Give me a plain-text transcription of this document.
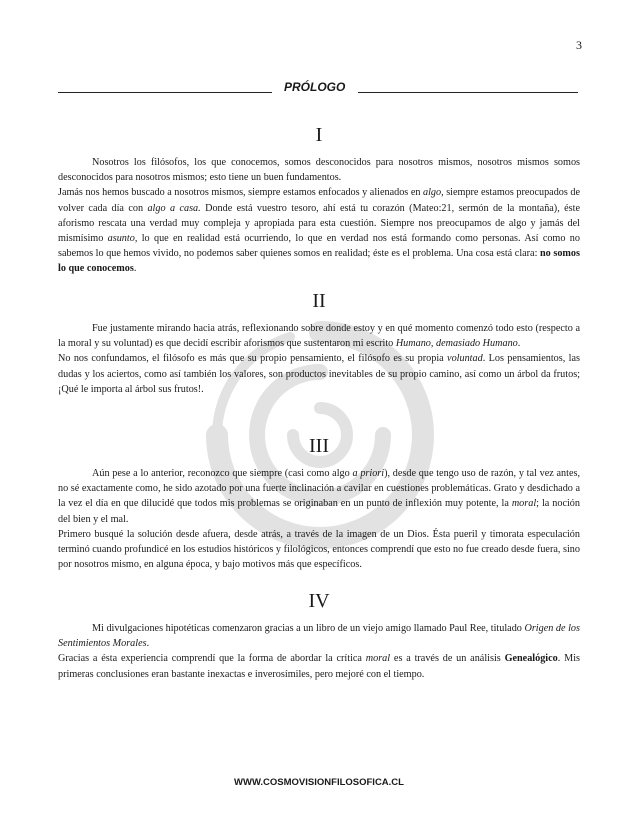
3
PRÓLOGO
I

Nosotros los filósofos, los que conocemos, somos desconocidos para nosotros mismos, nosotros mismos somos desconocidos para nosotros mismos; esto tiene un buen fundamentos.

Jamás nos hemos buscado a nosotros mismos, siempre estamos enfocados y alienados en algo, siempre estamos preocupados de volver cada día con algo a casa. Donde está vuestro tesoro, ahí está tu corazón (Mateo:21, sermón de la montaña), éste aforismo rescata una verdad muy compleja y apropiada para esta cuestión. Siempre nos preocupamos de algo y jamás del mismísimo asunto, lo que en realidad está ocurriendo, lo que en verdad nos está formando como personas. Así como no sabemos lo que hemos vivido, no podemos saber quienes somos en realidad; éste es el problema. Una cosa está clara: no somos lo que conocemos.

II

Fue justamente mirando hacia atrás, reflexionando sobre donde estoy y en qué momento comenzó todo esto (respecto a la moral y su voluntad) es que decidí escribir aforismos que sustentaron mi escrito Humano, demasiado Humano.

No nos confundamos, el filósofo es más que su propio pensamiento, el filósofo es su propia voluntad. Los pensamientos, las dudas y los aciertos, como así también los valores, son productos inevitables de su propio camino, así como un árbol da frutos; ¡Qué le importa al árbol sus frutos!.

III

Aún pese a lo anterior, reconozco que siempre (casi como algo a priori), desde que tengo uso de razón, y tal vez antes, no sé exactamente como, he sido azotado por una fuerte inclinación a cavilar en cuestiones problemáticas. Grato y desdichado a la vez el día en que dilucidé que todos mis problemas se originaban en un punto de inflexión muy potente, la moral; la noción del bien y el mal.

Primero busqué la solución desde afuera, desde atrás, a través de la imagen de un Dios. Ésta pueril y timorata especulación terminó cuando profundicé en los estudios históricos y filológicos, entonces comprendí que esto no fue creado desde fuera, sino por nosotros mismo, en alguna época, y bajo motivos más que específicos.

IV

Mi divulgaciones hipotéticas comenzaron gracias a un libro de un viejo amigo llamado Paul Ree, titulado Origen de los Sentimientos Morales.

Gracias a ésta experiencia comprendí que la forma de abordar la crítica moral es a través de un análisis Genealógico. Mis primeras conclusiones eran bastante inexactas e inverosímiles, pero mejoré con el tiempo.

WWW.COSMOVISIONFILOSOFICA.CL
